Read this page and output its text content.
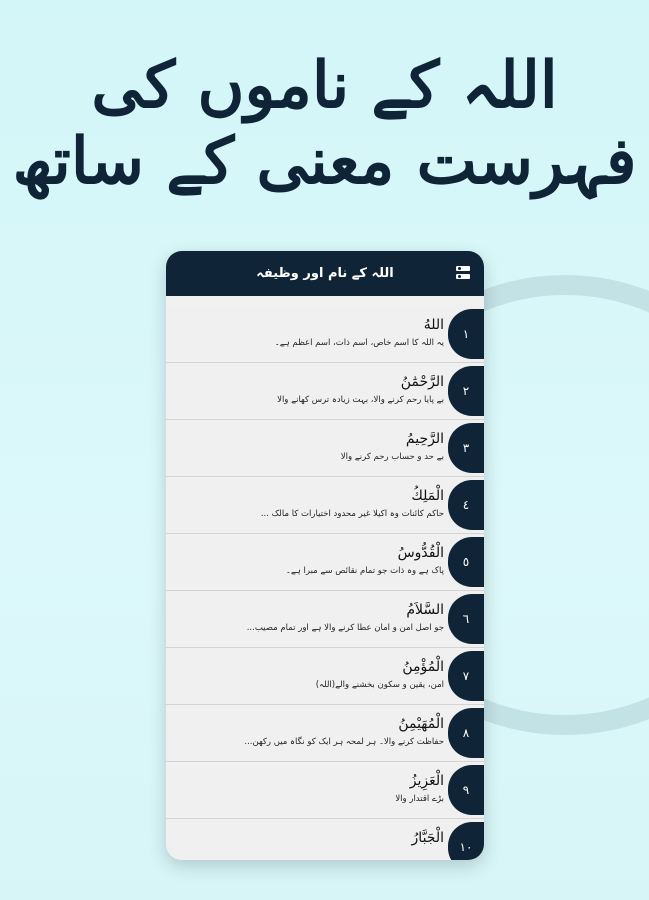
اللہ کے ناموں کی
فہرست معنی کے ساتھ
اللہ کے نام اور وظیفہ
اللهُ
یہ اللہ کا اسم خاص، اسم ذات، اسم اعظم ہے۔
١
الرَّحْمَٰنُ
بے پایا رحم کرنے والا، بہت زیادہ ترس کھانے والا
٢
الرَّحِيمُ
بے حد و حساب رحم کرنے والا
٣
الْمَلِكُ
حاکم کائنات وہ اکیلا غیر محدود اختیارات کا مالک ...
٤
الْقُدُّوسُ
پاک ہے وہ ذات جو تمام نقائص سے مبرا ہے۔
٥
السَّلاَمُ
جو اصل امن و امان عطا کرنے والا ہے اور تمام مصیب...
٦
الْمُؤْمِنُ
امن، یقین و سکون بخشنے والے(اللہ)
٧
الْمُهَيْمِنُ
حفاظت کرنے والا۔ ہر لمحہ ہر ایک کو نگاہ میں رکھن...
٨
الْعَزِيزُ
بڑے اقتدار والا
٩
الْجَبَّارُ
١٠
